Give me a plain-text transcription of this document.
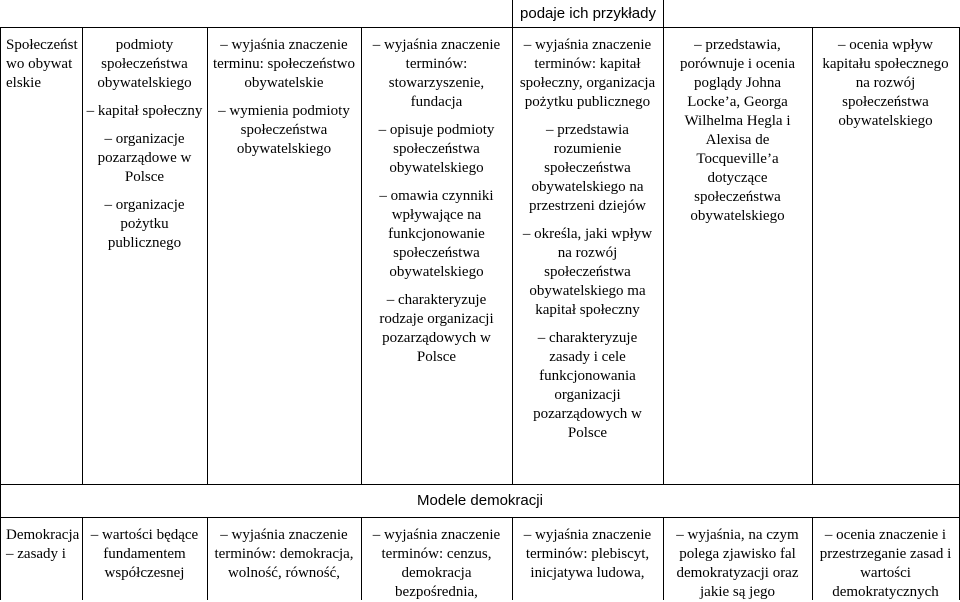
podaje ich przykłady
Społeczeństwo obywatelskie

podmioty społeczeństwa obywatelskiego

– kapitał społeczny

– organizacje pozarządowe w Polsce

– organizacje pożytku publicznego

– wyjaśnia znaczenie terminu: społeczeństwo obywatelskie

– wymienia podmioty społeczeństwa obywatelskiego

– wyjaśnia znaczenie terminów: stowarzyszenie, fundacja

– opisuje podmioty społeczeństwa obywatelskiego

– omawia czynniki wpływające na funkcjonowanie społeczeństwa obywatelskiego

– charakteryzuje rodzaje organizacji pozarządowych w Polsce

– wyjaśnia znaczenie terminów: kapitał społeczny, organizacja pożytku publicznego

– przedstawia rozumienie społeczeństwa obywatelskiego na przestrzeni dziejów

– określa, jaki wpływ na rozwój społeczeństwa obywatelskiego ma kapitał społeczny

– charakteryzuje zasady i cele funkcjonowania organizacji pozarządowych w Polsce

– przedstawia, porównuje i ocenia poglądy Johna Locke’a, Georga Wilhelma Hegla i Alexisa de Tocqueville’a dotyczące społeczeństwa obywatelskiego

– ocenia wpływ kapitału społecznego na rozwój społeczeństwa obywatelskiego

Modele demokracji
Demokracja – zasady i
– wartości będące fundamentem współczesnej
– wyjaśnia znaczenie terminów: demokracja, wolność, równość,
– wyjaśnia znaczenie terminów: cenzus, demokracja bezpośrednia,
– wyjaśnia znaczenie terminów: plebiscyt, inicjatywa ludowa,
– wyjaśnia, na czym polega zjawisko fal demokratyzacji oraz jakie są jego
– ocenia znaczenie i przestrzeganie zasad i wartości demokratycznych
